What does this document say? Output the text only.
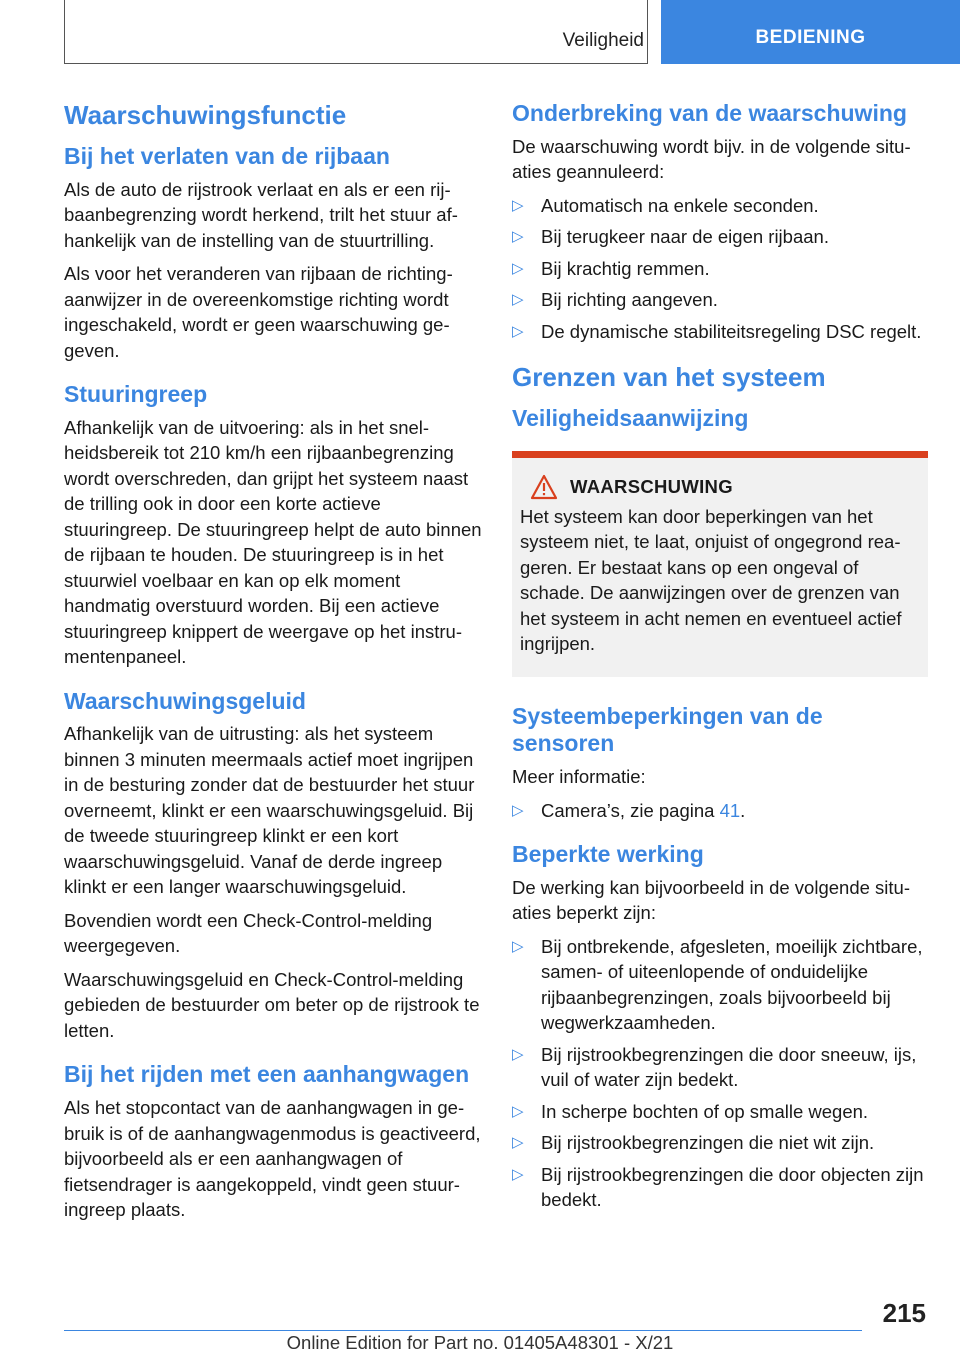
Veiligheid	BEDIENING
Waarschuwingsfunctie
Bij het verlaten van de rijbaan

Als de auto de rijstrook verlaat en als er een rijbaanbegrenzing wordt herkend, trilt het stuur afhankelijk van de instelling van de stuurtrilling.

Als voor het veranderen van rijbaan de richtingaanwijzer in de overeenkomstige richting wordt ingeschakeld, wordt er geen waarschuwing gegeven.

Stuuringreep

Afhankelijk van de uitvoering: als in het snelheidsbereik tot 210 km/h een rijbaanbegrenzing wordt overschreden, dan grijpt het systeem naast de trilling ook in door een korte actieve stuuringreep. De stuuringreep helpt de auto binnen de rijbaan te houden. De stuuringreep is in het stuurwiel voelbaar en kan op elk moment handmatig overstuurd worden. Bij een actieve stuuringreep knippert de weergave op het instrumentenpaneel.

Waarschuwingsgeluid

Afhankelijk van de uitrusting: als het systeem binnen 3 minuten meermaals actief moet ingrijpen in de besturing zonder dat de bestuurder het stuur overneemt, klinkt er een waarschuwingsgeluid. Bij de tweede stuuringreep klinkt er een kort waarschuwingsgeluid. Vanaf de derde ingreep klinkt er een langer waarschuwingsgeluid.

Bovendien wordt een Check-Control-melding weergegeven.

Waarschuwingsgeluid en Check-Control-melding gebieden de bestuurder om beter op de rijstrook te letten.

Bij het rijden met een aanhangwagen

Als het stopcontact van de aanhangwagen in gebruik is of de aanhangwagenmodus is geactiveerd, bijvoorbeeld als er een aanhangwagen of fietsendrager is aangekoppeld, vindt geen stuuringreep plaats.

Onderbreking van de waarschuwing

De waarschuwing wordt bijv. in de volgende situaties geannuleerd:

▷ Automatisch na enkele seconden.
▷ Bij terugkeer naar de eigen rijbaan.
▷ Bij krachtig remmen.
▷ Bij richting aangeven.
▷ De dynamische stabiliteitsregeling DSC regelt.
Grenzen van het systeem
Veiligheidsaanwijzing
WAARSCHUWING

Het systeem kan door beperkingen van het systeem niet, te laat, onjuist of ongegrond reageren. Er bestaat kans op een ongeval of schade. De aanwijzingen over de grenzen van het systeem in acht nemen en eventueel actief ingrijpen.

Systeembeperkingen van de sensoren

Meer informatie:

▷ Camera’s, zie pagina 41.
Beperkte werking

De werking kan bijvoorbeeld in de volgende situaties beperkt zijn:

▷ Bij ontbrekende, afgesleten, moeilijk zichtbare, samen- of uiteenlopende of onduidelijke rijbaanbegrenzingen, zoals bijvoorbeeld bij wegwerkzaamheden.
▷ Bij rijstrookbegrenzingen die door sneeuw, ijs, vuil of water zijn bedekt.
▷ In scherpe bochten of op smalle wegen.
▷ Bij rijstrookbegrenzingen die niet wit zijn.
▷ Bij rijstrookbegrenzingen die door objecten zijn bedekt.
215
Online Edition for Part no. 01405A48301 - X/21
